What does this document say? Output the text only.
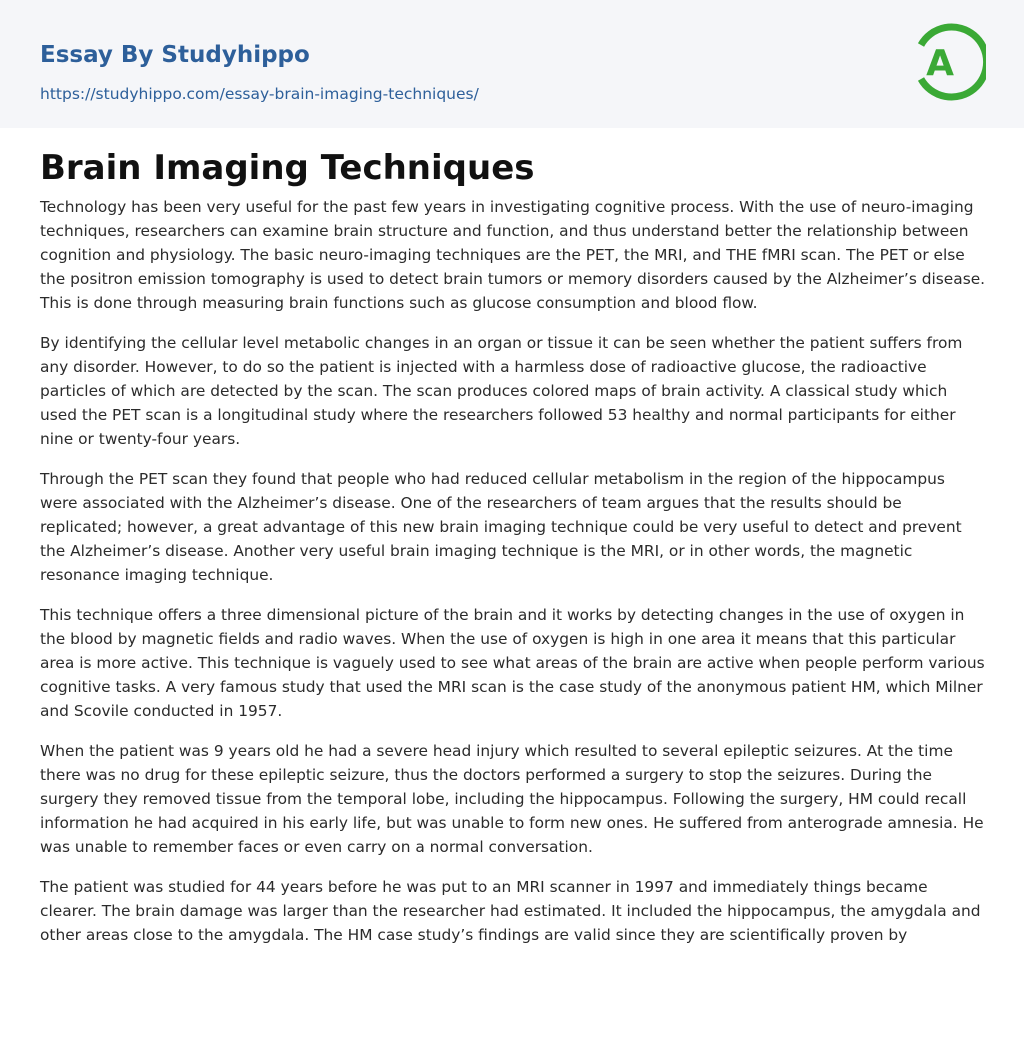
Essay By Studyhippo
https://studyhippo.com/essay-brain-imaging-techniques/
A
Brain Imaging Techniques

Technology has been very useful for the past few years in investigating cognitive process. With the use of neuro-imaging techniques, researchers can examine brain structure and function, and thus understand better the relationship between cognition and physiology. The basic neuro-imaging techniques are the PET, the MRI, and THE fMRI scan. The PET or else the positron emission tomography is used to detect brain tumors or memory disorders caused by the Alzheimer’s disease. This is done through measuring brain functions such as glucose consumption and blood flow.

By identifying the cellular level metabolic changes in an organ or tissue it can be seen whether the patient suffers from any disorder. However, to do so the patient is injected with a harmless dose of radioactive glucose, the radioactive particles of which are detected by the scan. The scan produces colored maps of brain activity. A classical study which used the PET scan is a longitudinal study where the researchers followed 53 healthy and normal participants for either nine or twenty-four years.

Through the PET scan they found that people who had reduced cellular metabolism in the region of the hippocampus were associated with the Alzheimer’s disease. One of the researchers of team argues that the results should be replicated; however, a great advantage of this new brain imaging technique could be very useful to detect and prevent the Alzheimer’s disease. Another very useful brain imaging technique is the MRI, or in other words, the magnetic resonance imaging technique.

This technique offers a three dimensional picture of the brain and it works by detecting changes in the use of oxygen in the blood by magnetic fields and radio waves. When the use of oxygen is high in one area it means that this particular area is more active. This technique is vaguely used to see what areas of the brain are active when people perform various cognitive tasks. A very famous study that used the MRI scan is the case study of the anonymous patient HM, which Milner and Scovile conducted in 1957.

When the patient was 9 years old he had a severe head injury which resulted to several epileptic seizures. At the time there was no drug for these epileptic seizure, thus the doctors performed a surgery to stop the seizures. During the surgery they removed tissue from the temporal lobe, including the hippocampus. Following the surgery, HM could recall information he had acquired in his early life, but was unable to form new ones. He suffered from anterograde amnesia. He was unable to remember faces or even carry on a normal conversation.

The patient was studied for 44 years before he was put to an MRI scanner in 1997 and immediately things became clearer. The brain damage was larger than the researcher had estimated. It included the hippocampus, the amygdala and other areas close to the amygdala. The HM case study’s findings are valid since they are scientifically proven by
